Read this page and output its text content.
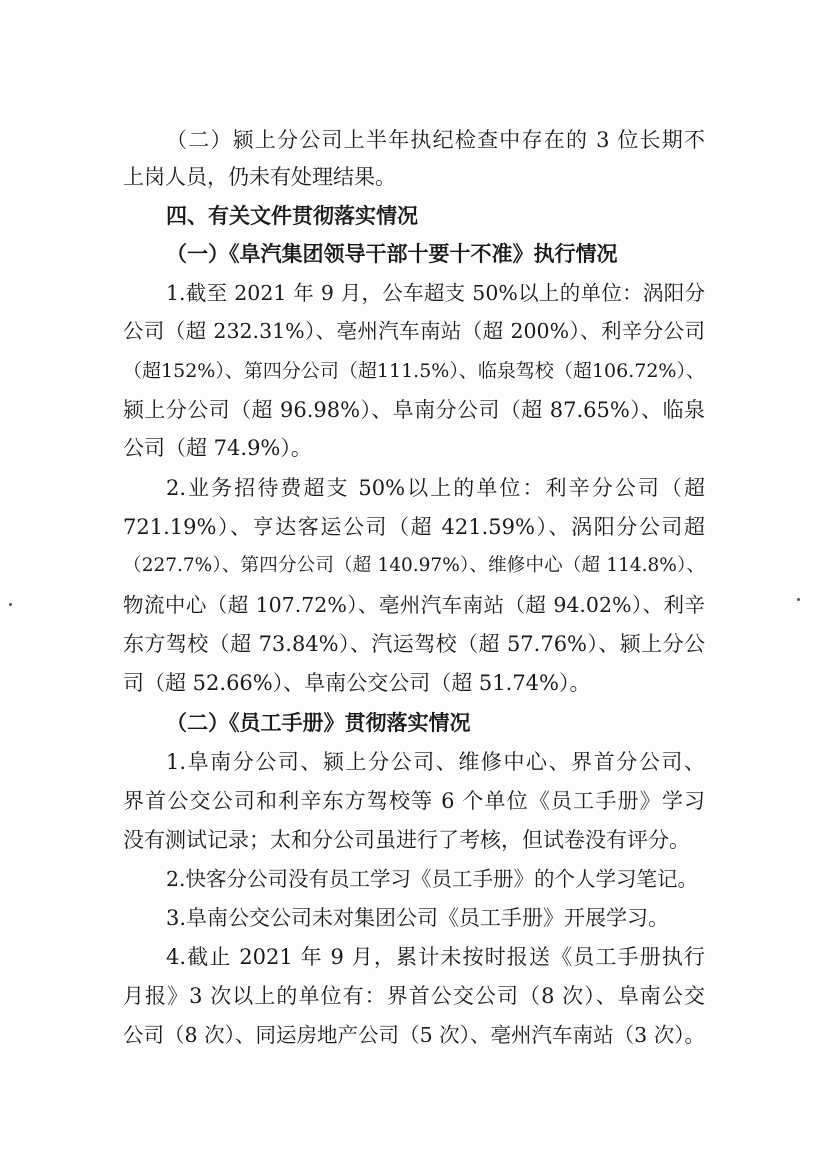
（二）颍上分公司上半年执纪检查中存在的 3 位长期不
上岗人员，仍未有处理结果。
四、有关文件贯彻落实情况
（一）《阜汽集团领导干部十要十不准》执行情况
1.截至 2021 年 9 月，公车超支 50%以上的单位：涡阳分
公司（超 232.31%）、亳州汽车南站（超 200%）、利辛分公司
（超152%）、第四分公司（超111.5%）、临泉驾校（超106.72%）、
颍上分公司（超 96.98%）、阜南分公司（超 87.65%）、临泉
公司（超 74.9%）。
2.业务招待费超支 50%以上的单位：利辛分公司（超
721.19%）、亨达客运公司（超 421.59%）、涡阳分公司超
（227.7%）、第四分公司（超 140.97%）、维修中心（超 114.8%）、
物流中心（超 107.72%）、亳州汽车南站（超 94.02%）、利辛
东方驾校（超 73.84%）、汽运驾校（超 57.76%）、颍上分公
司（超 52.66%）、阜南公交公司（超 51.74%）。
（二）《员工手册》贯彻落实情况
1.阜南分公司、颍上分公司、维修中心、界首分公司、
界首公交公司和利辛东方驾校等 6 个单位《员工手册》学习
没有测试记录；太和分公司虽进行了考核，但试卷没有评分。
2.快客分公司没有员工学习《员工手册》的个人学习笔记。
3.阜南公交公司未对集团公司《员工手册》开展学习。
4.截止 2021 年 9 月，累计未按时报送《员工手册执行
月报》3 次以上的单位有：界首公交公司（8 次）、阜南公交
公司（8 次）、同运房地产公司（5 次）、亳州汽车南站（3 次）。
